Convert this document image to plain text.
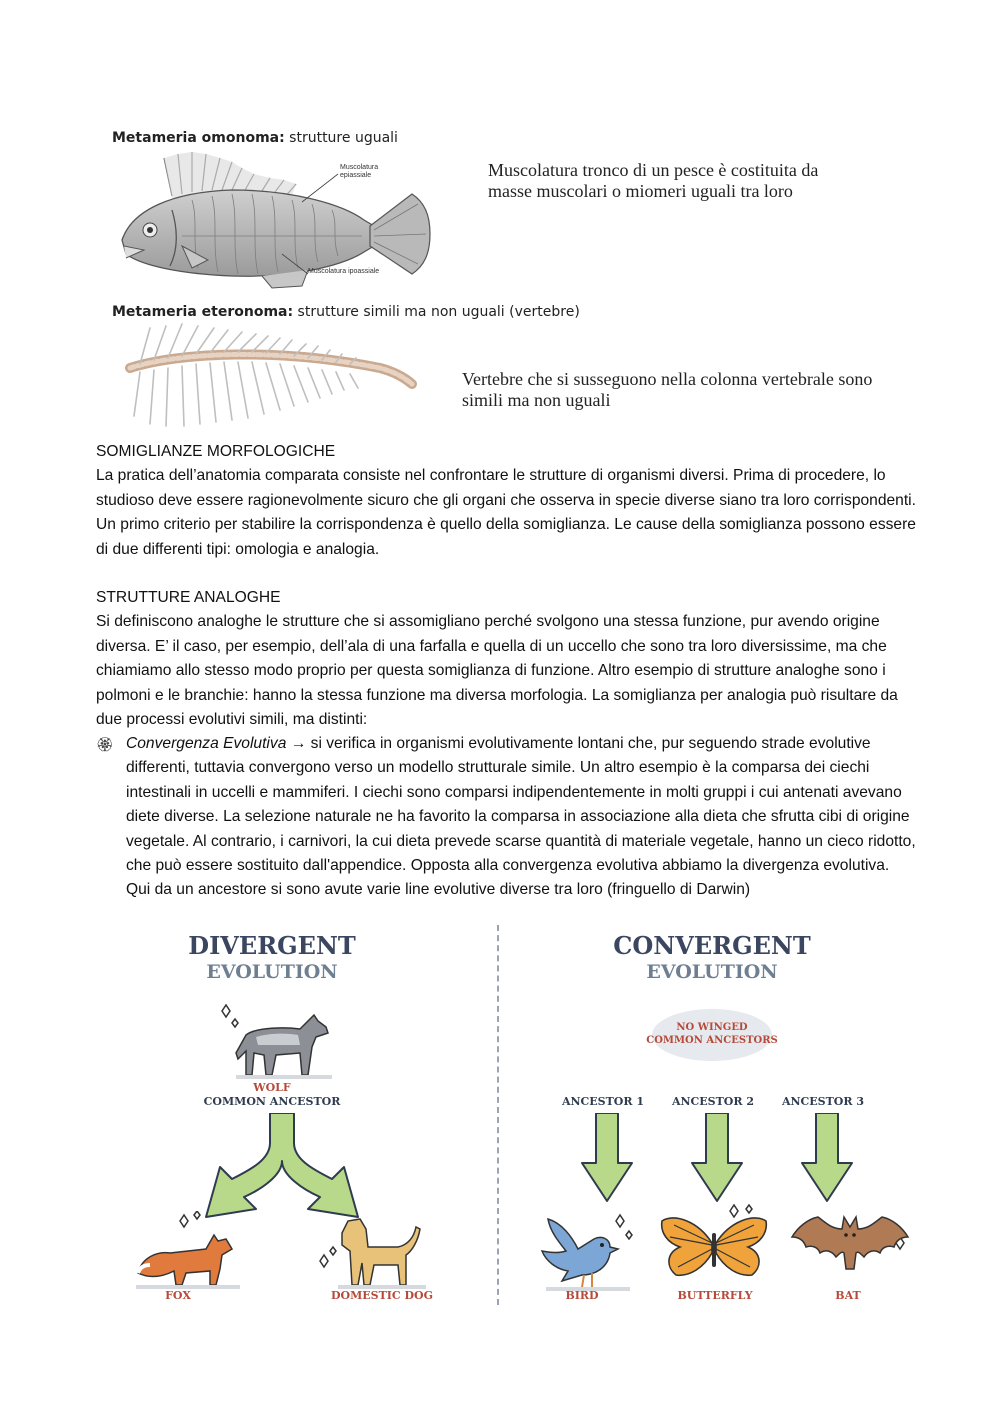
Metameria omonoma: strutture uguali
Muscolatura epiassiale
Muscolatura ipoassiale
Muscolatura tronco di un pesce è costituita da masse muscolari o miomeri uguali tra loro
Metameria eteronoma: strutture simili ma non uguali (vertebre)
Vertebre che si susseguono nella colonna vertebrale sono simili ma non uguali

SOMIGLIANZE MORFOLOGICHE

La pratica dell’anatomia comparata consiste nel confrontare le strutture di organismi diversi. Prima di procedere, lo studioso deve essere ragionevolmente sicuro che gli organi che osserva in specie diverse siano tra loro corrispondenti. Un primo criterio per stabilire la corrispondenza è quello della somiglianza. Le cause della somiglianza possono essere di due differenti tipi: omologia e analogia.

STRUTTURE ANALOGHE

Si definiscono analoghe le strutture che si assomigliano perché svolgono una stessa funzione, pur avendo origine diversa. E’ il caso, per esempio, dell’ala di una farfalla e quella di un uccello che sono tra loro diversissime, ma che chiamiamo allo stesso modo proprio per questa somiglianza di funzione. Altro esempio di strutture analoghe sono i polmoni e le branchie: hanno la stessa funzione ma diversa morfologia. La somiglianza per analogia può risultare da due processi evolutivi simili, ma distinti:

🏵 Convergenza Evolutiva → si verifica in organismi evolutivamente lontani che, pur seguendo strade evolutive differenti, tuttavia convergono verso un modello strutturale simile. Un altro esempio è la comparsa dei ciechi intestinali in uccelli e mammiferi. I ciechi sono comparsi indipendentemente in molti gruppi i cui antenati avevano diete diverse. La selezione naturale ne ha favorito la comparsa in associazione alla dieta che sfrutta cibi di origine vegetale. Al contrario, i carnivori, la cui dieta prevede scarse quantità di materiale vegetale, hanno un cieco ridotto, che può essere sostituito dall'appendice. Opposta alla convergenza evolutiva abbiamo la divergenza evolutiva. Qui da un ancestore si sono avute varie line evolutive diverse tra loro (fringuello di Darwin)
DIVERGENT
EVOLUTION
WOLF
COMMON ANCESTOR
FOX	DOMESTIC DOG
CONVERGENT
EVOLUTION
NO WINGED
COMMON ANCESTORS
ANCESTOR 1	ANCESTOR 2	ANCESTOR 3
BIRD	BUTTERFLY	BAT
